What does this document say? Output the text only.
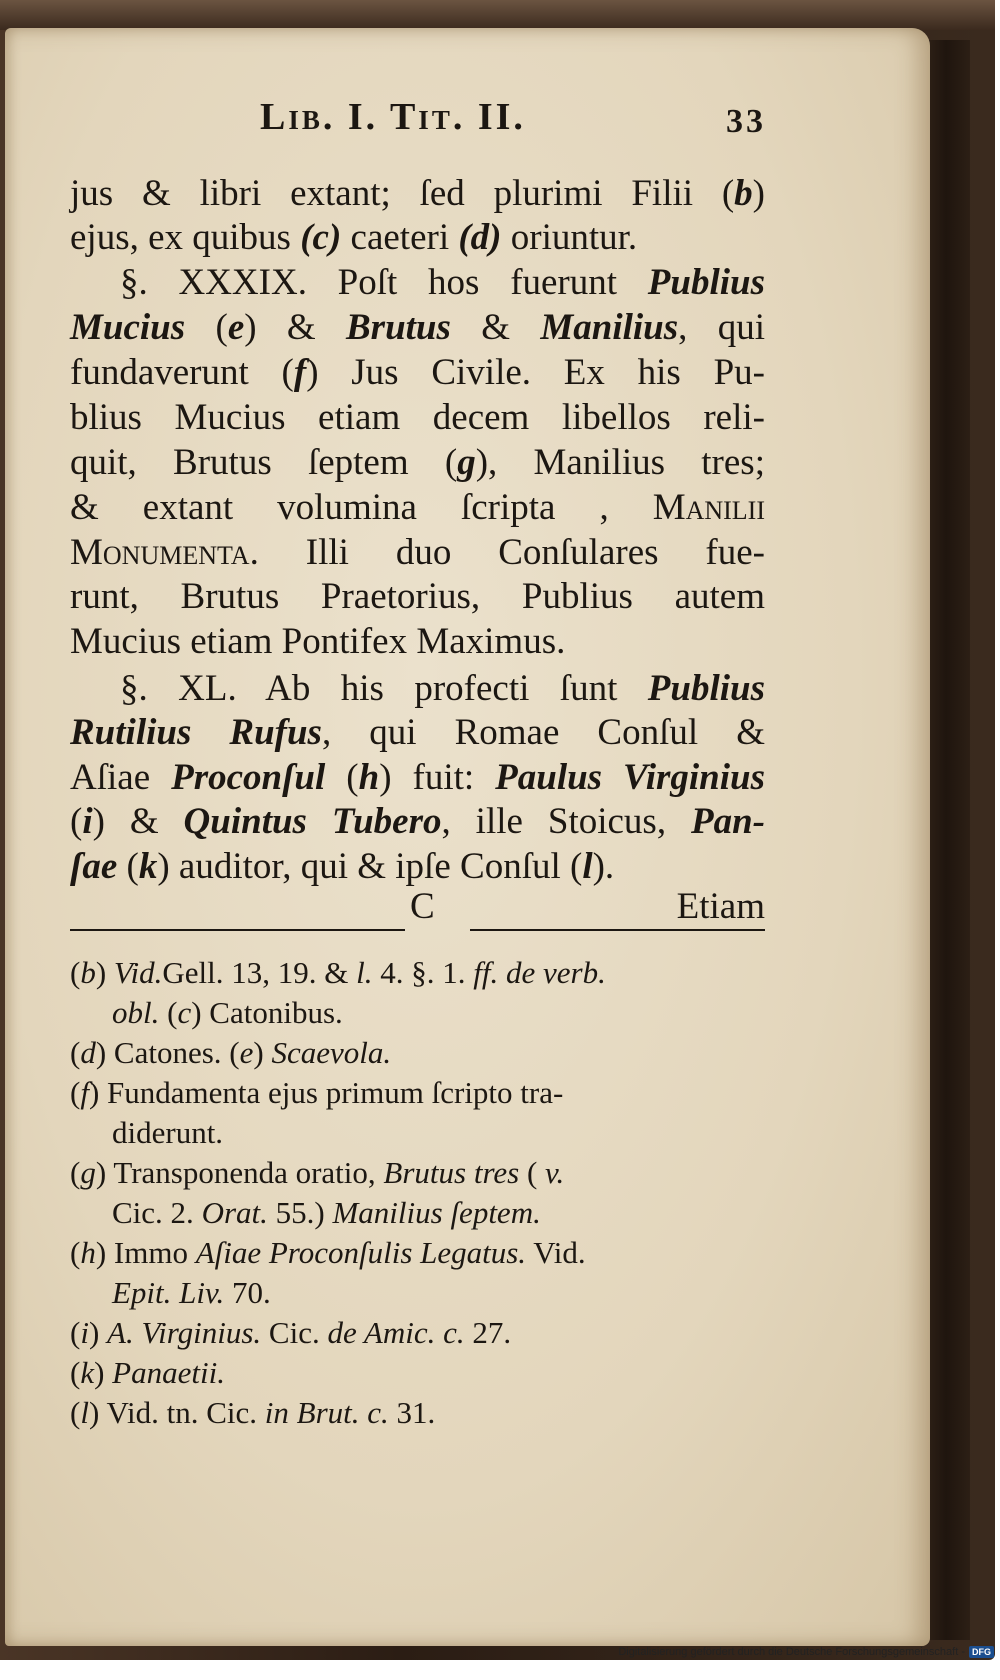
Lib. I. Tit. II.	33
jus & libri extant; ſed plurimi Filii (b)
ejus, ex quibus (c) caeteri (d) oriuntur.
§. XXXIX. Poſt hos fuerunt Publius
Mucius (e) & Brutus & Manilius, qui
fundaverunt (f) Jus Civile. Ex his Pu-
blius Mucius etiam decem libellos reli-
quit, Brutus ſeptem (g), Manilius tres;
& extant volumina ſcripta , Manilii
Monumenta. Illi duo Conſulares fue-
runt, Brutus Praetorius, Publius autem
Mucius etiam Pontifex Maximus.
§. XL. Ab his profecti ſunt Publius
Rutilius Rufus, qui Romae Conſul &
Aſiae Proconſul (h) fuit: Paulus Virginius
(i) & Quintus Tubero, ille Stoicus, Pan-
ſae (k) auditor, qui & ipſe Conſul (l).
C	Etiam
(b) Vid.Gell. 13, 19. & l. 4. §. 1. ff. de verb.
obl. (c) Catonibus.
(d) Catones. (e) Scaevola.
(f) Fundamenta ejus primum ſcripto tra-
diderunt.
(g) Transponenda oratio, Brutus tres ( v.
Cic. 2. Orat. 55.) Manilius ſeptem.
(h) Immo Aſiae Proconſulis Legatus. Vid.
Epit. Liv. 70.
(i) A. Virginius. Cic. de Amic. c. 27.
(k) Panaetii.
(l) Vid. tn. Cic. in Brut. c. 31.
Digitalisierung gefördert durch die Deutsche Forschungsgemeinschaft - DFG
